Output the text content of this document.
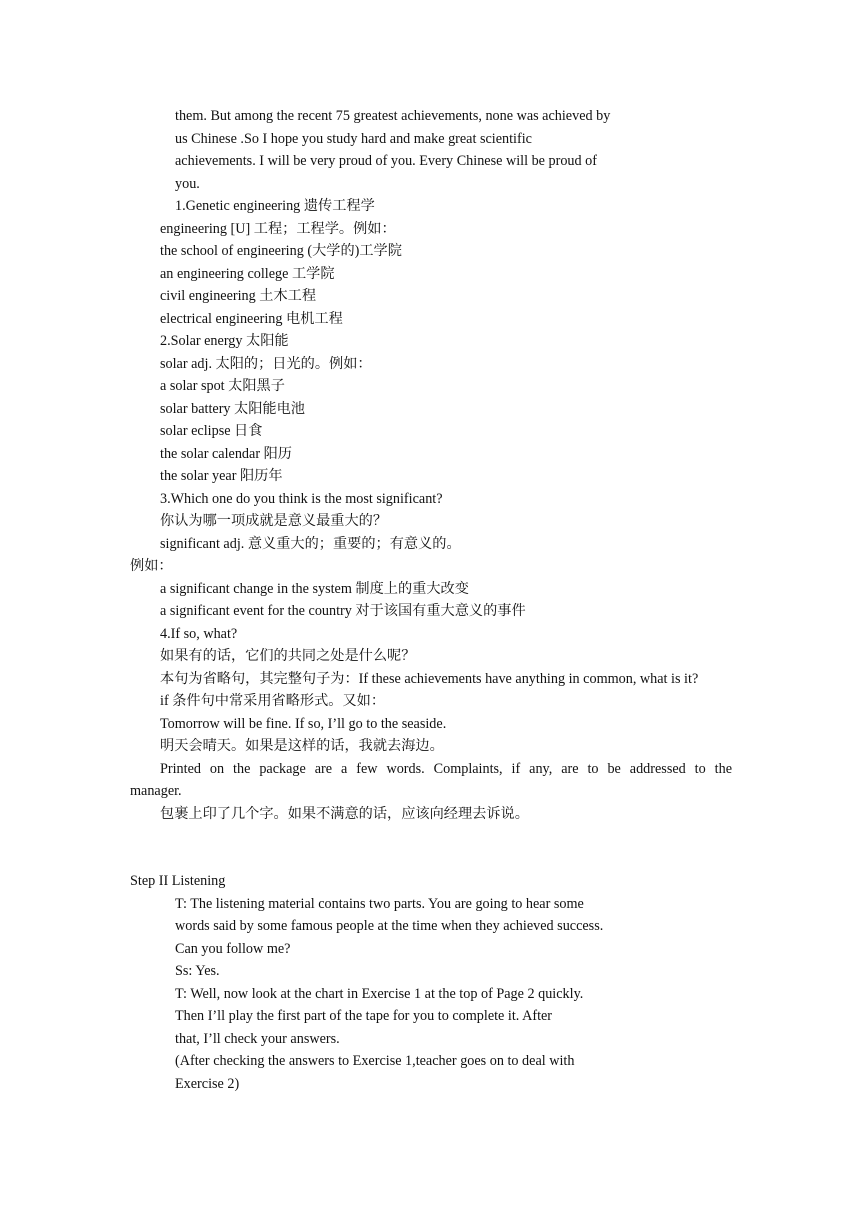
them. But among the recent 75 greatest achievements, none was achieved by
us Chinese .So I hope you study hard and make great scientific
achievements. I will be very proud of you. Every Chinese will be proud of
you.
1.Genetic engineering 遗传工程学
engineering [U] 工程；工程学。例如：
the school of engineering (大学的)工学院
an engineering college 工学院
civil engineering 土木工程
electrical engineering 电机工程
2.Solar energy 太阳能
solar adj. 太阳的；日光的。例如：
a solar spot 太阳黑子
solar battery 太阳能电池
solar eclipse 日食
the solar calendar 阳历
the solar year 阳历年
3.Which one do you think is the most significant?
你认为哪一项成就是意义最重大的？
significant adj. 意义重大的；重要的；有意义的。
例如：
a significant change in the system 制度上的重大改变
a significant event for the country 对于该国有重大意义的事件
4.If so, what?
如果有的话，它们的共同之处是什么呢？
本句为省略句，其完整句子为：If these achievements have anything in common, what is it?
if 条件句中常采用省略形式。又如：
Tomorrow will be fine. If so, I’ll go to the seaside.
明天会晴天。如果是这样的话，我就去海边。
Printed on the package are a few words. Complaints, if any, are to be addressed to the
manager.
包裹上印了几个字。如果不满意的话，应该向经理去诉说。
Step II Listening
T: The listening material contains two parts. You are going to hear some
words said by some famous people at the time when they achieved success.
Can you follow me?
Ss: Yes.
T: Well, now look at the chart in Exercise 1 at the top of Page 2 quickly.
Then I’ll play the first part of the tape for you to complete it. After
that, I’ll check your answers.
(After checking the answers to Exercise 1,teacher goes on to deal with
Exercise 2)
